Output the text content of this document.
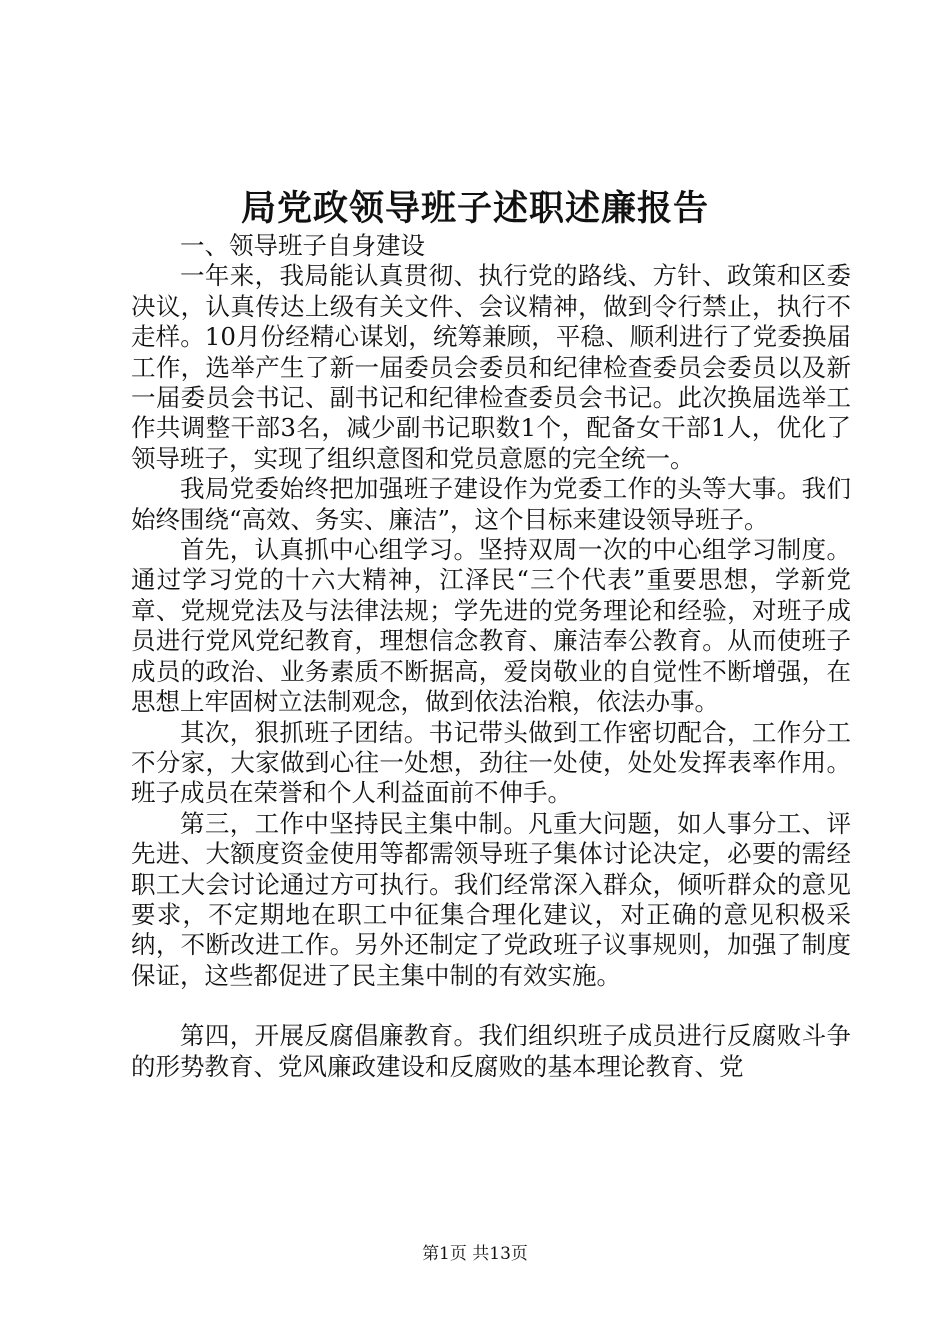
局党政领导班子述职述廉报告

一、领导班子自身建设

一年来，我局能认真贯彻、执行党的路线、方针、政策和区委决议，认真传达上级有关文件、会议精神，做到令行禁止，执行不走样。10月份经精心谋划，统筹兼顾，平稳、顺利进行了党委换届工作，选举产生了新一届委员会委员和纪律检查委员会委员以及新一届委员会书记、副书记和纪律检查委员会书记。此次换届选举工作共调整干部3名，减少副书记职数1个，配备女干部1人，优化了领导班子，实现了组织意图和党员意愿的完全统一。

我局党委始终把加强班子建设作为党委工作的头等大事。我们始终围绕“高效、务实、廉洁”，这个目标来建设领导班子。

首先，认真抓中心组学习。坚持双周一次的中心组学习制度。通过学习党的十六大精神，江泽民“三个代表”重要思想，学新党章、党规党法及与法律法规；学先进的党务理论和经验，对班子成员进行党风党纪教育，理想信念教育、廉洁奉公教育。从而使班子成员的政治、业务素质不断据高，爱岗敬业的自觉性不断增强，在思想上牢固树立法制观念，做到依法治粮，依法办事。

其次，狠抓班子团结。书记带头做到工作密切配合，工作分工不分家，大家做到心往一处想，劲往一处使，处处发挥表率作用。班子成员在荣誉和个人利益面前不伸手。

第三，工作中坚持民主集中制。凡重大问题，如人事分工、评先进、大额度资金使用等都需领导班子集体讨论决定，必要的需经职工大会讨论通过方可执行。我们经常深入群众，倾听群众的意见要求，不定期地在职工中征集合理化建议，对正确的意见积极采纳，不断改进工作。另外还制定了党政班子议事规则，加强了制度保证，这些都促进了民主集中制的有效实施。

第四，开展反腐倡廉教育。我们组织班子成员进行反腐败斗争的形势教育、党风廉政建设和反腐败的基本理论教育、党

第1页 共13页
